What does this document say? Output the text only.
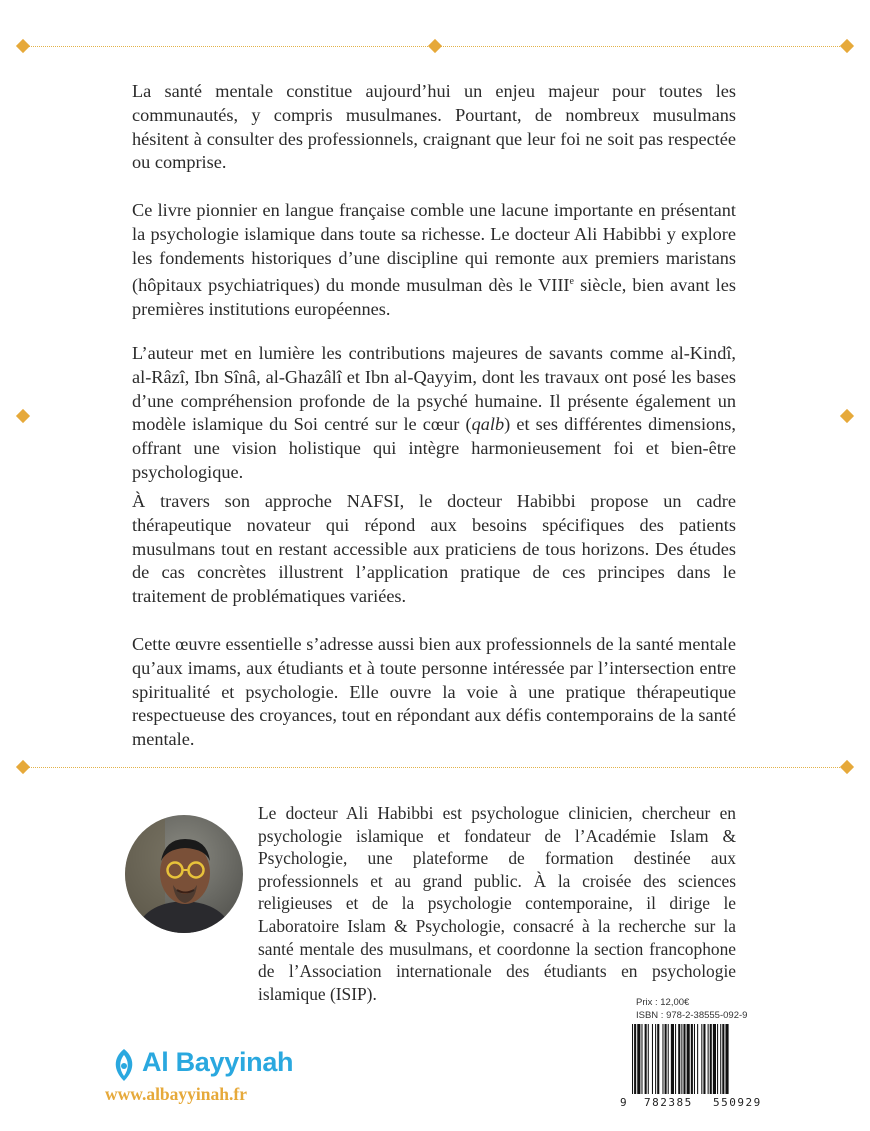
La santé mentale constitue aujourd’hui un enjeu majeur pour toutes les communautés, y compris musulmanes. Pourtant, de nombreux musulmans hésitent à consulter des professionnels, craignant que leur foi ne soit pas respectée ou comprise.

Ce livre pionnier en langue française comble une lacune importante en présentant la psychologie islamique dans toute sa richesse. Le docteur Ali Habibbi y explore les fondements historiques d’une discipline qui remonte aux premiers maristans (hôpitaux psychiatriques) du monde musulman dès le VIIIe siècle, bien avant les premières institutions européennes.

L’auteur met en lumière les contributions majeures de savants comme al-Kindî, al-Râzî, Ibn Sînâ, al-Ghazâlî et Ibn al-Qayyim, dont les travaux ont posé les bases d’une compréhension profonde de la psyché humaine. Il présente également un modèle islamique du Soi centré sur le cœur (qalb) et ses différentes dimensions, offrant une vision holistique qui intègre harmonieusement foi et bien-être psychologique.

À travers son approche NAFSI, le docteur Habibbi propose un cadre thérapeutique novateur qui répond aux besoins spécifiques des patients musulmans tout en restant accessible aux praticiens de tous horizons. Des études de cas concrètes illustrent l’application pratique de ces principes dans le traitement de problématiques variées.

Cette œuvre essentielle s’adresse aussi bien aux professionnels de la santé mentale qu’aux imams, aux étudiants et à toute personne intéressée par l’intersection entre spiritualité et psychologie. Elle ouvre la voie à une pratique thérapeutique respectueuse des croyances, tout en répondant aux défis contemporains de la santé mentale.

Le docteur Ali Habibbi est psychologue clinicien, chercheur en psychologie islamique et fondateur de l’Académie Islam & Psychologie, une plateforme de formation destinée aux professionnels et au grand public. À la croisée des sciences religieuses et de la psychologie contemporaine, il dirige le Laboratoire Islam & Psychologie, consacré à la recherche sur la santé mentale des musulmans, et coordonne la section francophone de l’Association internationale des étudiants en psychologie islamique (ISIP).	Prix : 12,00€
ISBN : 978-2-38555-092-9
9 782385 550929
Al Bayyinah
www.albayyinah.fr
